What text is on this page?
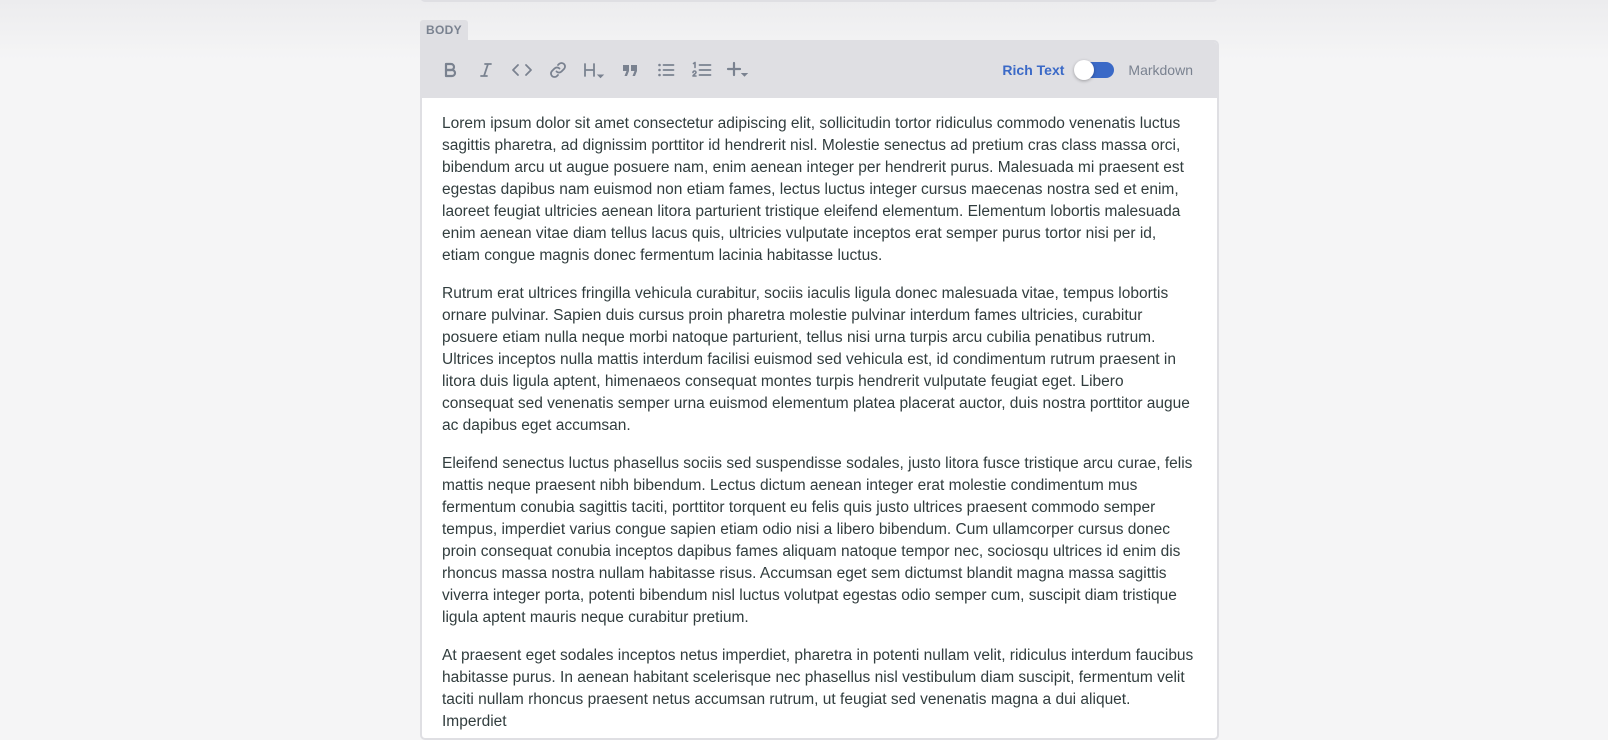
BODY
Rich Text	Markdown

Lorem ipsum dolor sit amet consectetur adipiscing elit, sollicitudin tortor ridiculus commodo venenatis luctus sagittis pharetra, ad dignissim porttitor id hendrerit nisl. Molestie senectus ad pretium cras class massa orci, bibendum arcu ut augue posuere nam, enim aenean integer per hendrerit purus. Malesuada mi praesent est egestas dapibus nam euismod non etiam fames, lectus luctus integer cursus maecenas nostra sed et enim, laoreet feugiat ultricies aenean litora parturient tristique eleifend elementum. Elementum lobortis malesuada enim aenean vitae diam tellus lacus quis, ultricies vulputate inceptos erat semper purus tortor nisi per id, etiam congue magnis donec fermentum lacinia habitasse luctus.

Rutrum erat ultrices fringilla vehicula curabitur, sociis iaculis ligula donec malesuada vitae, tempus lobortis ornare pulvinar. Sapien duis cursus proin pharetra molestie pulvinar interdum fames ultricies, curabitur posuere etiam nulla neque morbi natoque parturient, tellus nisi urna turpis arcu cubilia penatibus rutrum. Ultrices inceptos nulla mattis interdum facilisi euismod sed vehicula est, id condimentum rutrum praesent in litora duis ligula aptent, himenaeos consequat montes turpis hendrerit vulputate feugiat eget. Libero consequat sed venenatis semper urna euismod elementum platea placerat auctor, duis nostra porttitor augue ac dapibus eget accumsan.

Eleifend senectus luctus phasellus sociis sed suspendisse sodales, justo litora fusce tristique arcu curae, felis mattis neque praesent nibh bibendum. Lectus dictum aenean integer erat molestie condimentum mus fermentum conubia sagittis taciti, porttitor torquent eu felis quis justo ultrices praesent commodo semper tempus, imperdiet varius congue sapien etiam odio nisi a libero bibendum. Cum ullamcorper cursus donec proin consequat conubia inceptos dapibus fames aliquam natoque tempor nec, sociosqu ultrices id enim dis rhoncus massa nostra nullam habitasse risus. Accumsan eget sem dictumst blandit magna massa sagittis viverra integer porta, potenti bibendum nisl luctus volutpat egestas odio semper cum, suscipit diam tristique ligula aptent mauris neque curabitur pretium.

At praesent eget sodales inceptos netus imperdiet, pharetra in potenti nullam velit, ridiculus interdum faucibus habitasse purus. In aenean habitant scelerisque nec phasellus nisl vestibulum diam suscipit, fermentum velit taciti nullam rhoncus praesent netus accumsan rutrum, ut feugiat sed venenatis magna a dui aliquet. Imperdiet
